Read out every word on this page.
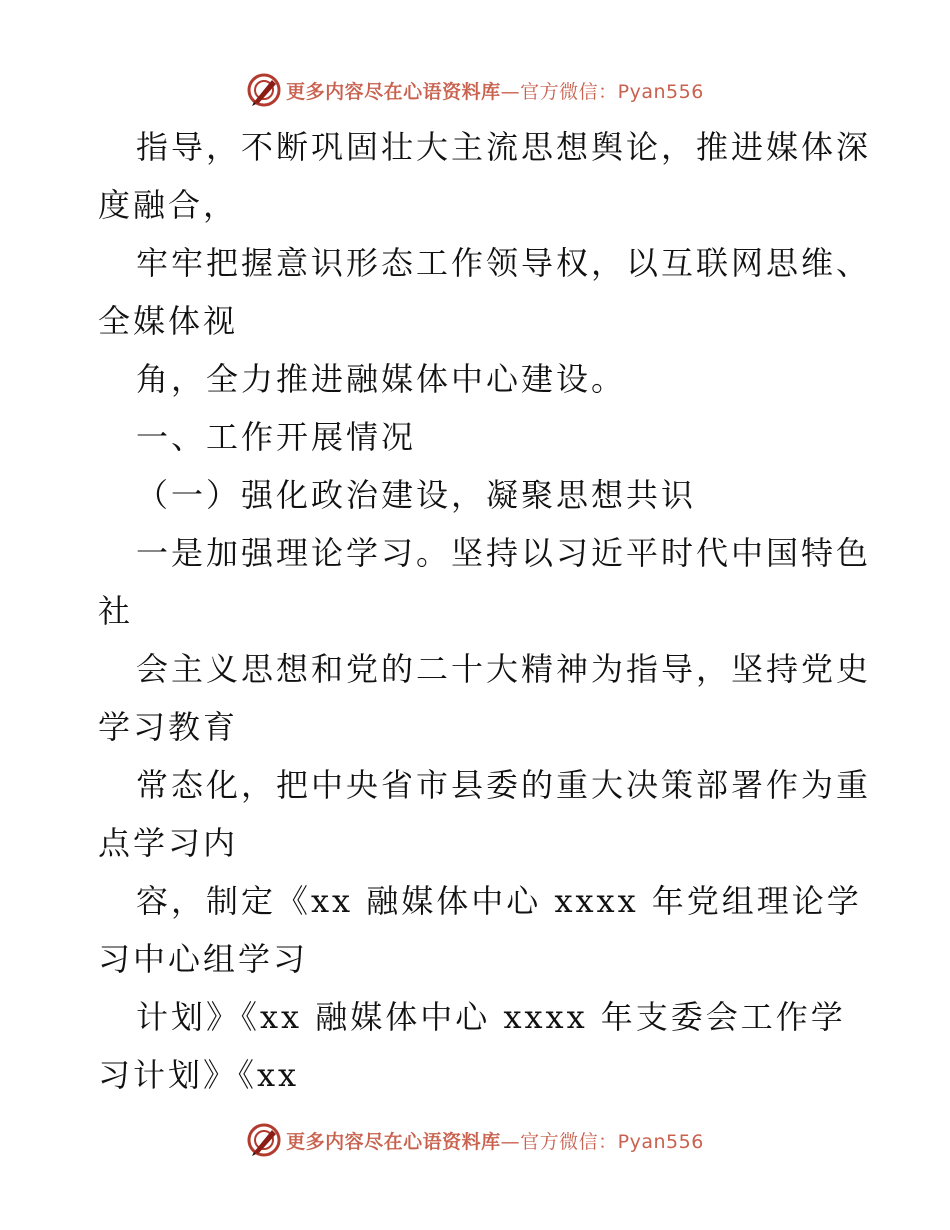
更多内容尽在心语资料库—官方微信：Pyan556
指导，不断巩固壮大主流思想舆论，推进媒体深
度融合，
牢牢把握意识形态工作领导权，以互联网思维、
全媒体视
角，全力推进融媒体中心建设。
一、工作开展情况
（一）强化政治建设，凝聚思想共识
一是加强理论学习。坚持以习近平时代中国特色
社
会主义思想和党的二十大精神为指导，坚持党史
学习教育
常态化，把中央省市县委的重大决策部署作为重
点学习内
容，制定《xx 融媒体中心 xxxx 年党组理论学
习中心组学习
计划》《xx 融媒体中心 xxxx 年支委会工作学
习计划》《xx
更多内容尽在心语资料库—官方微信：Pyan556
